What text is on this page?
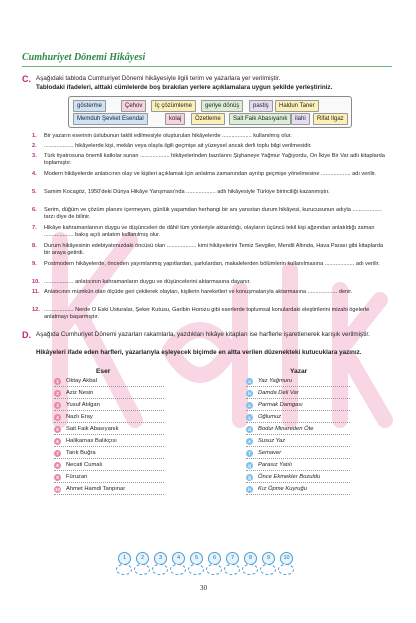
Cumhuriyet Dönemi Hikâyesi
C. Aşağıdaki tabloda Cumhuriyet Dönemi hikâyesiyle ilgili terim ve yazarlara yer verilmiştir.
Tablodaki ifadeleri, alttaki cümlelerde boş bırakılan yerlere açıklamalara uygun şekilde yerleştiriniz.
gösterme	Çehov	İç çözümleme	geriye dönüş	pastiş	Haldun Taner
Memduh Şevket Esendal	kolaj	Özetleme	Sait Faik Abasıyanık	ilahi	Rifat Ilgaz
1.	Bir yazarın eserinin üslubunun taklit edilmesiyle oluşturulan hikâyelerde ................... kullanılmış olur.
2.	................... hikâyelerde kişi, mekân veya olayla ilgili geçmişe ait yüzeysel ancak derli toplu bilgi verilmesidir.
3.	Türk tiyatrosuna önemli katkılar sunan ................... hikâyelerinden bazılarını Şişhaneye Yağmur Yağıyordu, On İkiye Bir Var adlı kitaplarda toplamıştır.
4.	Modern hikâyelerde anlatıcının olay ve kişileri açıklamak için anlatma zamanından ayrılıp geçmişe yönelmesine ................... adı verilir.
5.	Samim Kocagöz, 1950'deki Dünya Hikâye Yarışması'nda ................... adlı hikâyesiyle Türkiye birinciliği kazanmıştır.
6.	Serim, düğüm ve çözüm planını içermeyen, günlük yaşamdan herhangi bir anı yansıtan durum hikâyesi, kurucusunun adıyla ................... tarzı diye de bilinir.
7.	Hikâye kahramanlarının duygu ve düşünceleri de dâhil tüm yönleriyle aktarıldığı, olayların üçüncü tekil kişi ağzından anlatıldığı zaman ................... bakış açılı anlatım kullanılmış olur.
8.	Durum hikâyesinin edebiyatımızdaki öncüsü olan ................... kimi hikâyelerini Temiz Sevgiler, Mendil Altında, Hava Parası gibi kitaplarda bir araya getirdi.
9.	Postmodern hikâyelerde, önceden yayımlanmış yapıtlardan, şarkılardan, makalelerden bölümlerin kullanılmasına ................... adı verilir.
10. ................... anlatıcının kahramanların duygu ve düşüncelerini aktarmasına dayanır.
11. Anlatıcının mümkün olan ölçüde geri çekilerek olayları, kişilerin hareketleri ve konuşmalarıyla aktarmasına ................... denir.
12. ................... Nerde O Eski Usturalar, Şeker Kutusu, Garibin Horozu gibi eserlerde toplumsal konulardaki eleştirilerini mizahi ögelerle anlatmayı başarmıştır.
D. Aşağıda Cumhuriyet Dönemi yazarları rakamlarla, yazdıkları hikâye kitapları ise harflerle işaretlenerek karışık verilmiştir.
Hikâyeleri ifade eden harfleri, yazarlarıyla eşleyecek biçimde en altta verilen düzenekteki kutucuklara yazınız.
Eser	Yazar
1	Oktay Akbal
2	Aziz Nesin
3	Yusuf Atılgan
4	Nazlı Eray
5	Sait Faik Abasıyanık
6	Halikarnas Balıkçısı
7	Tarık Buğra
8	Necati Cumalı
9	Füruzan
10 Ahmet Hamdi Tanpınar
a	Yaz Yağmuru
b	Damda Deli Var
c	Parmak Damgası
ç	Oğlumuz
d	Bodur Minareden Öte
e	Susuz Yaz
f	Semaver
g	Parasız Yatılı
ğ	Önce Ekmekler Bozuldu
h	Kız Öpme Kuyruğu
1	2	3	4	5	6	7	8	9	10
30
